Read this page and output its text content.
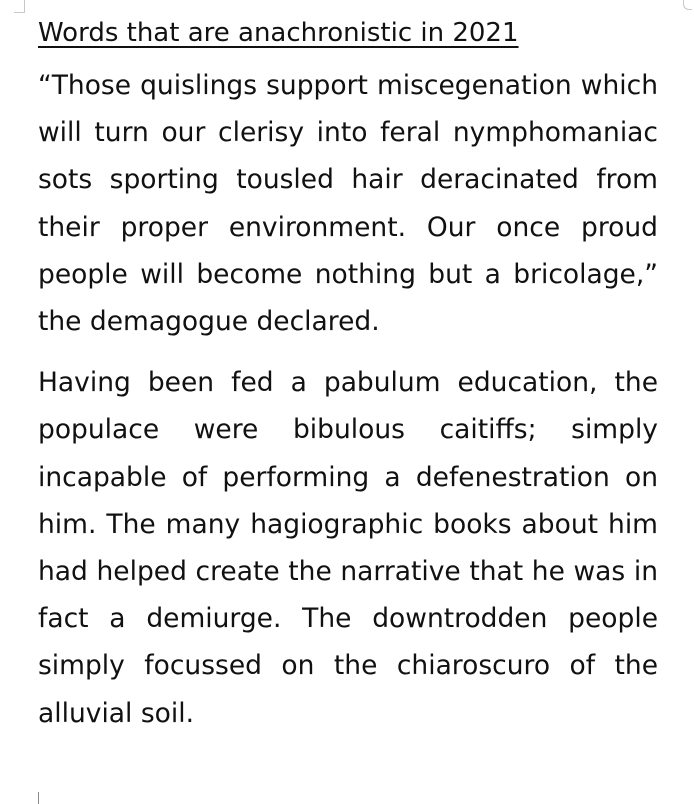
Words that are anachronistic in 2021

“Those quislings support miscegenation which will turn our clerisy into feral nymphomaniac sots sporting tousled hair deracinated from their proper environment. Our once proud people will become nothing but a bricolage,” the demagogue declared.

Having been fed a pabulum education, the populace were bibulous caitiffs; simply incapable of performing a defenestration on him. The many hagiographic books about him had helped create the narrative that he was in fact a demiurge. The downtrodden people simply focussed on the chiaroscuro of the alluvial soil.
